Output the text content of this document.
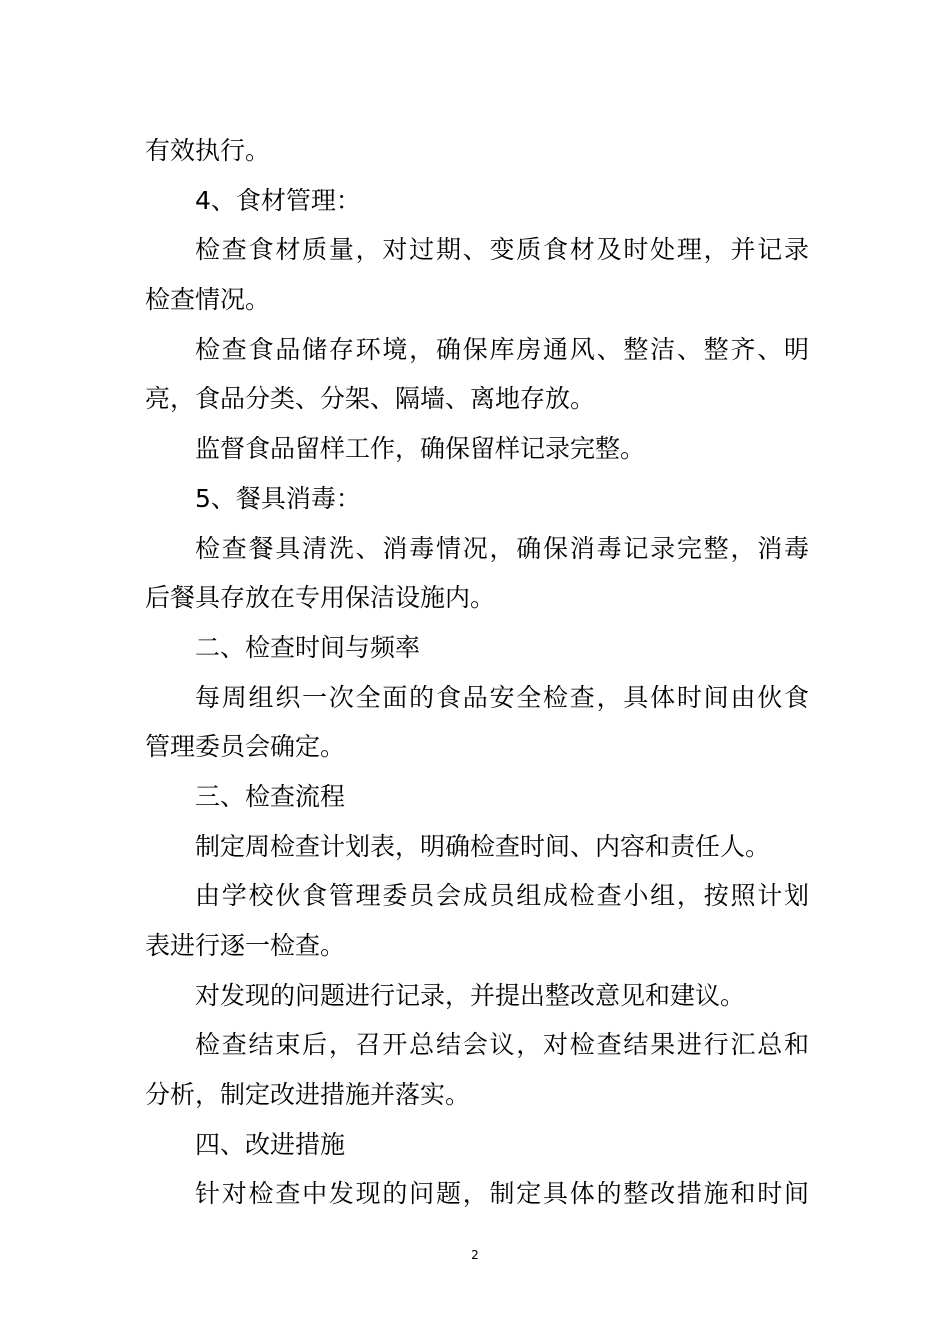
有效执行。
4、食材管理：
检查食材质量，对过期、变质食材及时处理，并记录
检查情况。
检查食品储存环境，确保库房通风、整洁、整齐、明
亮，食品分类、分架、隔墙、离地存放。
监督食品留样工作，确保留样记录完整。
5、餐具消毒：
检查餐具清洗、消毒情况，确保消毒记录完整，消毒
后餐具存放在专用保洁设施内。
二、检查时间与频率
每周组织一次全面的食品安全检查，具体时间由伙食
管理委员会确定。
三、检查流程
制定周检查计划表，明确检查时间、内容和责任人。
由学校伙食管理委员会成员组成检查小组，按照计划
表进行逐一检查。
对发现的问题进行记录，并提出整改意见和建议。
检查结束后，召开总结会议，对检查结果进行汇总和
分析，制定改进措施并落实。
四、改进措施
针对检查中发现的问题，制定具体的整改措施和时间
2
